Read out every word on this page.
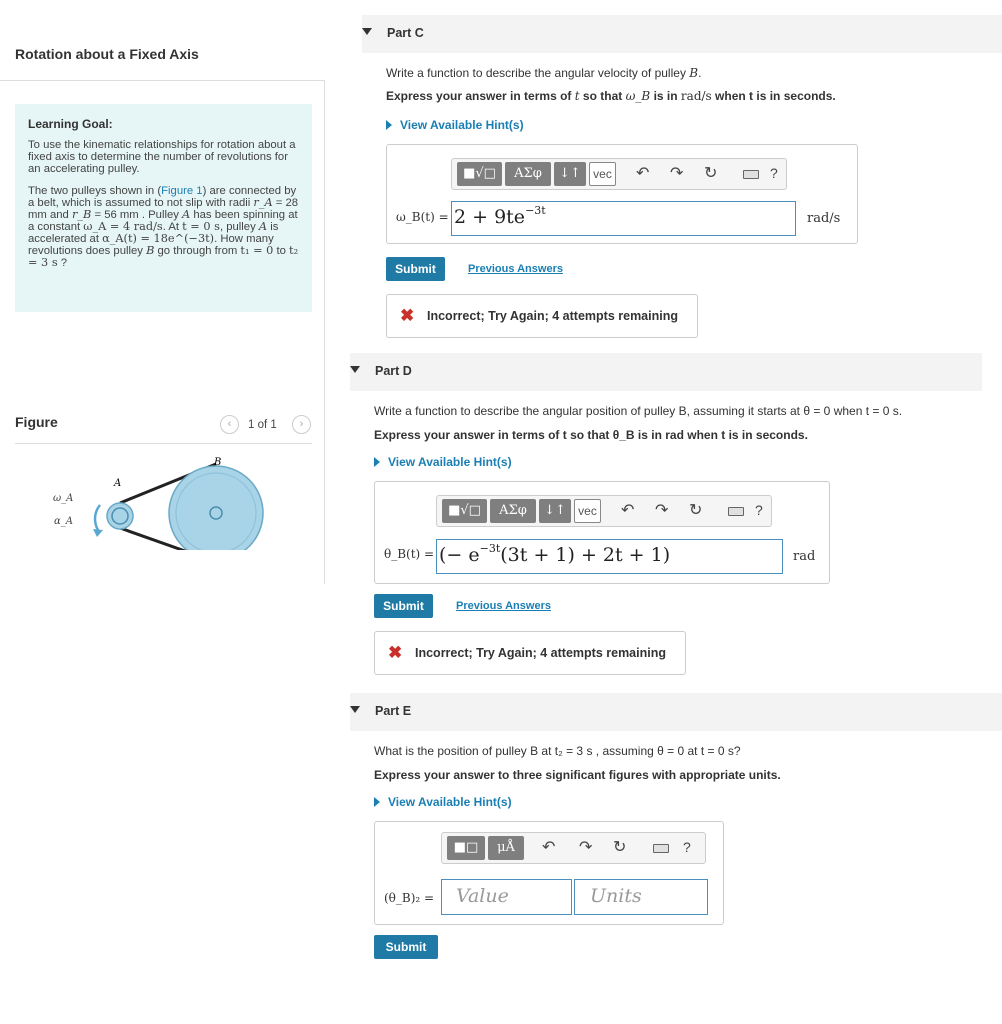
Rotation about a Fixed Axis
Learning Goal:

To use the kinematic relationships for rotation about a fixed axis to determine the number of revolutions for an accelerating pulley.

The two pulleys shown in (Figure 1) are connected by a belt, which is assumed to not slip with radii r_A = 28 mm and r_B = 56 mm . Pulley A has been spinning at a constant ω_A = 4 rad/s. At t = 0 s, pulley A is accelerated at α_A(t) = 18e^(−3t). How many revolutions does pulley B go through from t₁ = 0 to t₂ = 3 s ?

Figure	‹	1 of 1	›
A
B
ω_A
α_A
Part C
Write a function to describe the angular velocity of pulley B.
Express your answer in terms of t so that ω_B is in rad/s when t is in seconds.
View Available Hint(s)
■√□	ΑΣφ	↓↑	vec ↶ ↷ ↻	?
ω_B(t) = $2 + 9te^{-3t}$
rad/s
Submit	Previous Answers
✖ Incorrect; Try Again; 4 attempts remaining
Part D
Write a function to describe the angular position of pulley B, assuming it starts at θ = 0 when t = 0 s.
Express your answer in terms of t so that θ_B is in rad when t is in seconds.
View Available Hint(s)
■√□	ΑΣφ	↓↑	vec ↶ ↷ ↻	?
θ_B(t) = (− $e^{-3t}(3t + 1) + 2t + 1$)	rad
Submit	Previous Answers
✖ Incorrect; Try Again; 4 attempts remaining
Part E
What is the position of pulley B at t₂ = 3 s , assuming θ = 0 at t = 0 s?
Express your answer to three significant figures with appropriate units.
View Available Hint(s)
■□	μÅ	↶ ↷ ↻	?
(θ_B)₂ =	Value	Units
Submit
